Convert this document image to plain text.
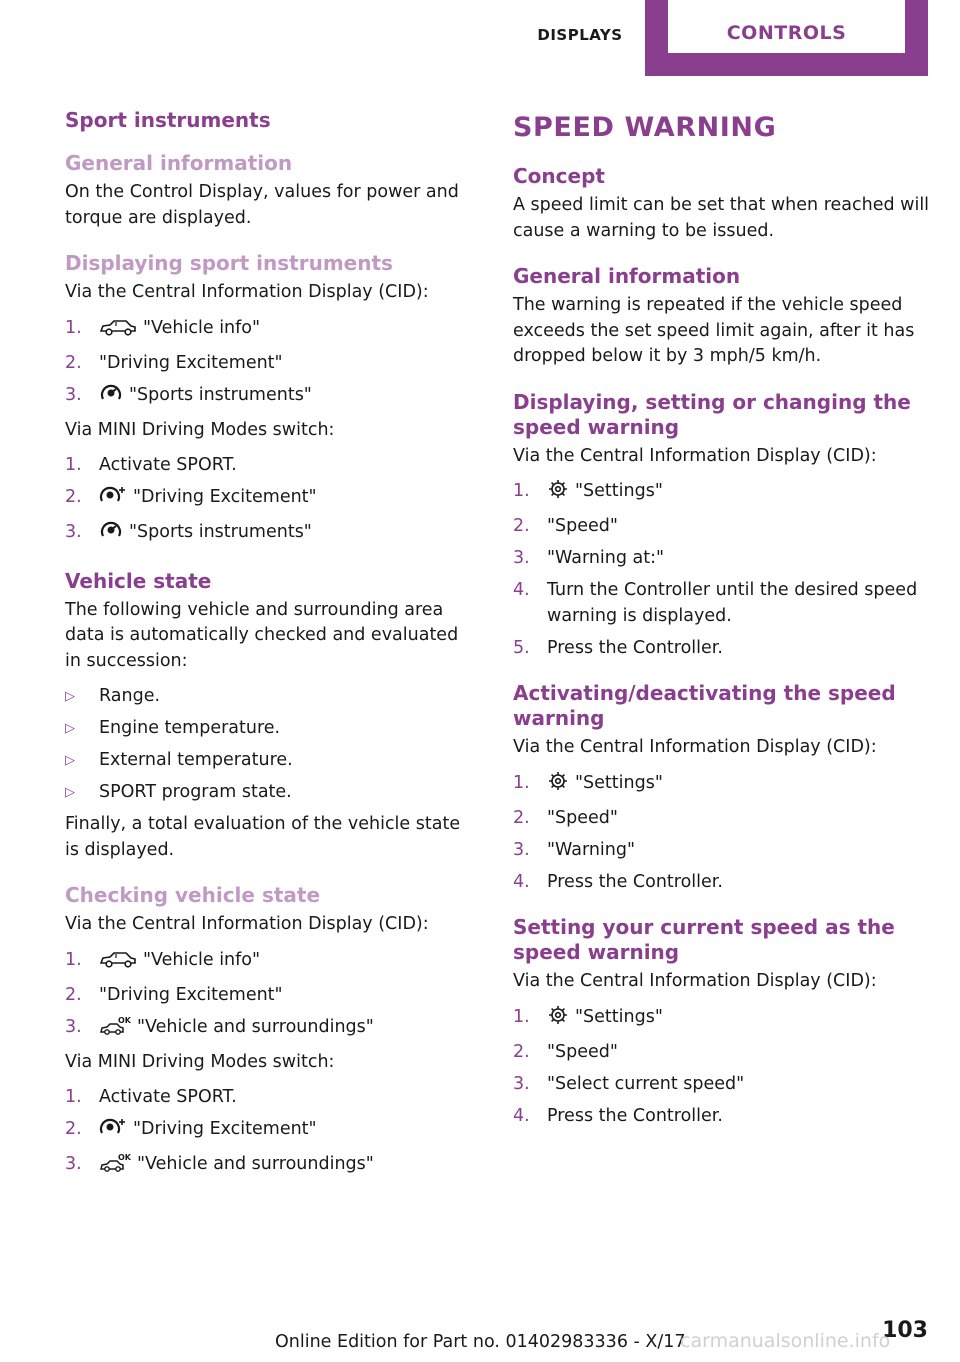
DISPLAYS	CONTROLS
Sport instruments
General information
On the Control Display, values for power and torque are displayed.
Displaying sport instruments
Via the Central Information Display (CID):
1.	"Vehicle info"
2. "Driving Excitement"
3.	"Sports instruments"
Via MINI Driving Modes switch:
1. Activate SPORT.
2.	"Driving Excitement"
3.	"Sports instruments"
Vehicle state
The following vehicle and surrounding area data is automatically checked and evaluated in succession:
▷ Range.
▷ Engine temperature.
▷ External temperature.
▷ SPORT program state.
Finally, a total evaluation of the vehicle state is displayed.
Checking vehicle state
Via the Central Information Display (CID):
1.	"Vehicle info"
2. "Driving Excitement"
3.	OK "Vehicle and surroundings"
Via MINI Driving Modes switch:
1. Activate SPORT.
2.	"Driving Excitement"
3.	OK "Vehicle and surroundings"
SPEED WARNING
Concept
A speed limit can be set that when reached will cause a warning to be issued.
General information
The warning is repeated if the vehicle speed exceeds the set speed limit again, after it has dropped below it by 3 mph/5 km/h.
Displaying, setting or changing the speed warning
Via the Central Information Display (CID):
1.	"Settings"
2. "Speed"
3. "Warning at:"
4. Turn the Controller until the desired speed warning is displayed.
5. Press the Controller.
Activating/deactivating the speed warning
Via the Central Information Display (CID):
1.	"Settings"
2. "Speed"
3. "Warning"
4. Press the Controller.
Setting your current speed as the speed warning
Via the Central Information Display (CID):
1.	"Settings"
2. "Speed"
3. "Select current speed"
4. Press the Controller.
103
Online Edition for Part no. 01402983336 - X/17
carmanualsonline.info
